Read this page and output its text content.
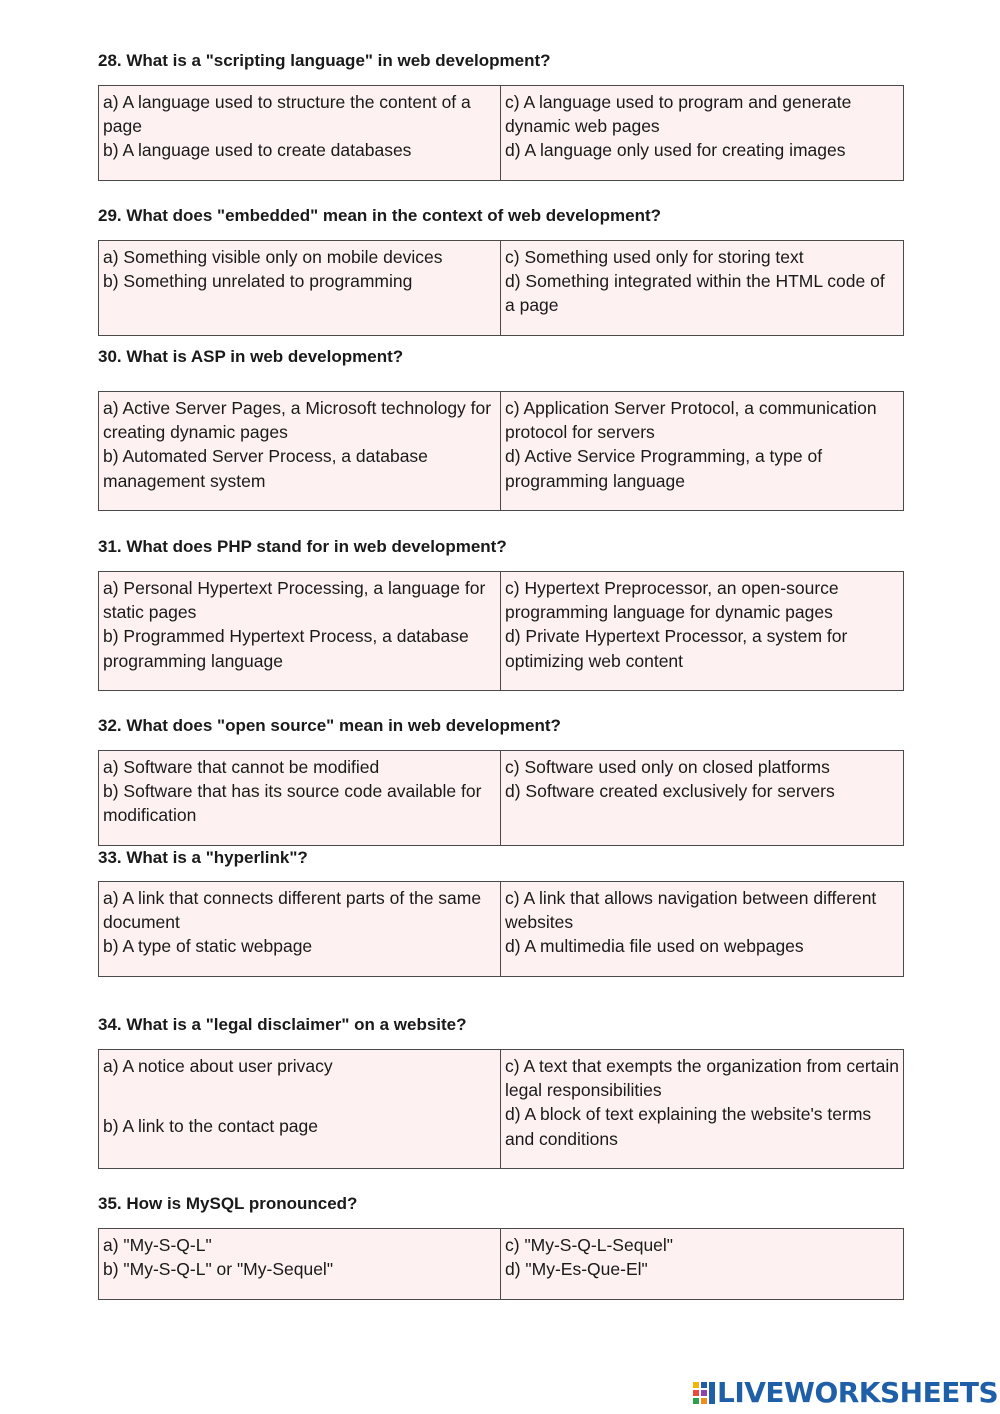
28. What is a "scripting language" in web development?

a) A language used to structure the content of a page
b) A language used to create databases
c) A language used to program and generate dynamic web pages
d) A language only used for creating images

29. What does "embedded" mean in the context of web development?

a) Something visible only on mobile devices
b) Something unrelated to programming
c) Something used only for storing text
d) Something integrated within the HTML code of a page

30. What is ASP in web development?

a) Active Server Pages, a Microsoft technology for creating dynamic pages
b) Automated Server Process, a database management system
c) Application Server Protocol, a communication protocol for servers
d) Active Service Programming, a type of programming language

31. What does PHP stand for in web development?

a) Personal Hypertext Processing, a language for static pages
b) Programmed Hypertext Process, a database programming language
c) Hypertext Preprocessor, an open-source programming language for dynamic pages
d) Private Hypertext Processor, a system for optimizing web content

32. What does "open source" mean in web development?

a) Software that cannot be modified
b) Software that has its source code available for modification
c) Software used only on closed platforms
d) Software created exclusively for servers

33. What is a "hyperlink"?

a) A link that connects different parts of the same document
b) A type of static webpage
c) A link that allows navigation between different websites
d) A multimedia file used on webpages

34. What is a "legal disclaimer" on a website?

a) A notice about user privacy
b) A link to the contact page
c) A text that exempts the organization from certain legal responsibilities
d) A block of text explaining the website's terms and conditions

35. How is MySQL pronounced?

a) "My-S-Q-L"
b) "My-S-Q-L" or "My-Sequel"
c) "My-S-Q-L-Sequel"
d) "My-Es-Que-El"
LIVEWORKSHEETS
